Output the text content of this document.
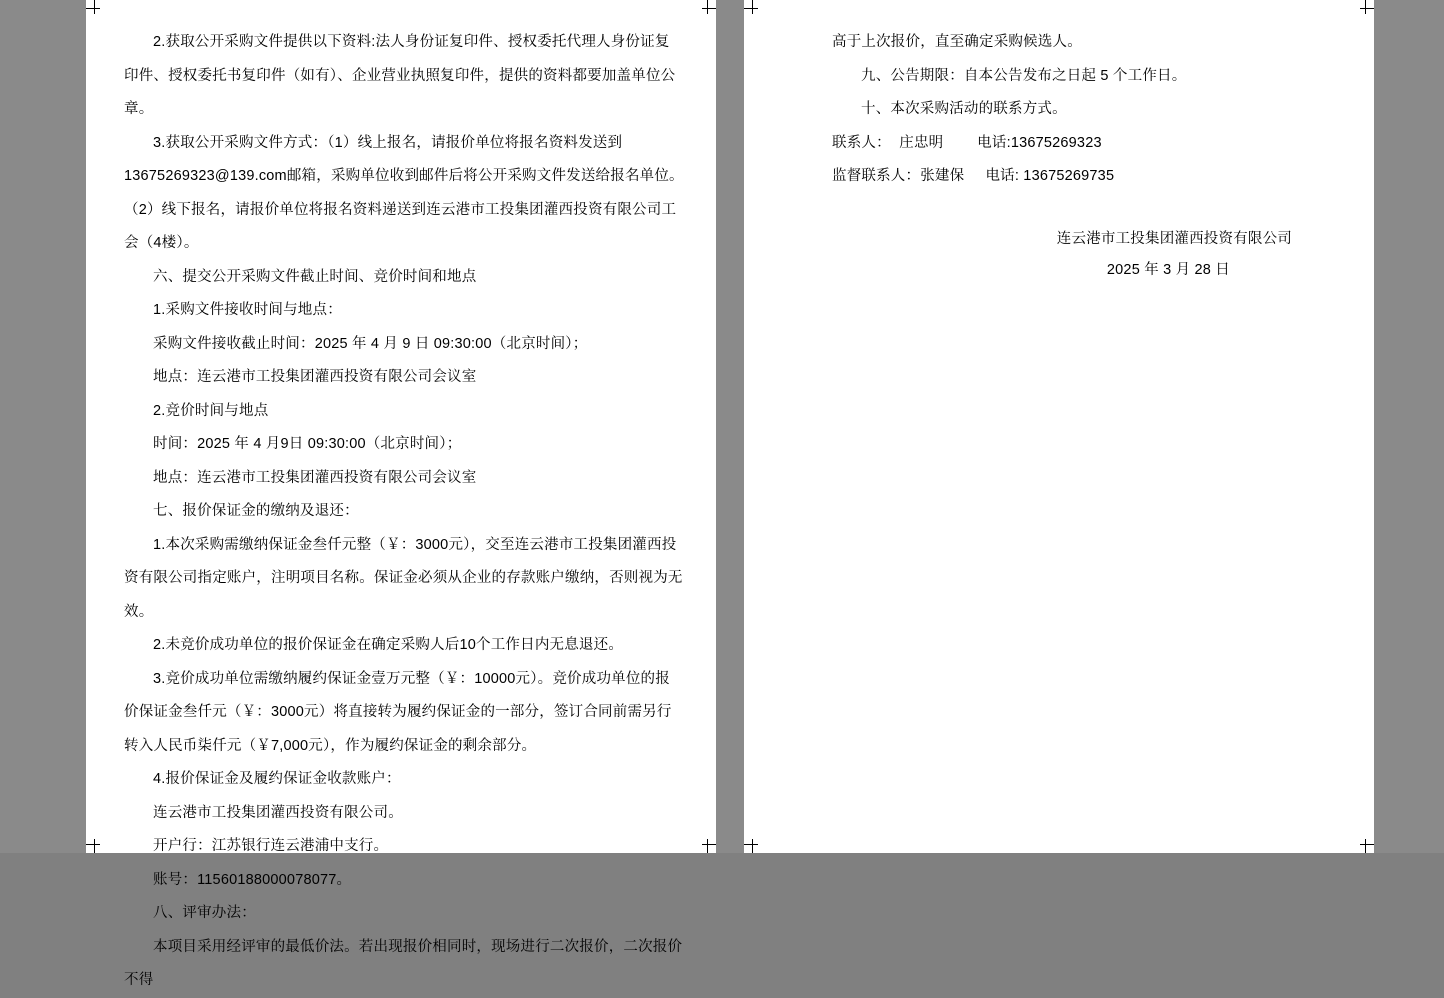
2.获取公开采购文件提供以下资料:法人身份证复印件、授权委托代理人身份证复印件、授权委托书复印件（如有）、企业营业执照复印件，提供的资料都要加盖单位公章。

3.获取公开采购文件方式：（1）线上报名，请报价单位将报名资料发送到13675269323@139.com邮箱，采购单位收到邮件后将公开采购文件发送给报名单位。（2）线下报名，请报价单位将报名资料递送到连云港市工投集团灌西投资有限公司工会（4楼）。

六、提交公开采购文件截止时间、竞价时间和地点

1.采购文件接收时间与地点：

采购文件接收截止时间：2025 年 4 月 9 日 09:30:00（北京时间）；

地点：连云港市工投集团灌西投资有限公司会议室

2.竞价时间与地点

时间：2025 年 4 月9日 09:30:00（北京时间）；

地点：连云港市工投集团灌西投资有限公司会议室

七、报价保证金的缴纳及退还：

1.本次采购需缴纳保证金叁仟元整（￥：3000元），交至连云港市工投集团灌西投资有限公司指定账户，注明项目名称。保证金必须从企业的存款账户缴纳，否则视为无效。

2.未竞价成功单位的报价保证金在确定采购人后10个工作日内无息退还。

3.竞价成功单位需缴纳履约保证金壹万元整（￥：10000元）。竞价成功单位的报价保证金叁仟元（￥：3000元）将直接转为履约保证金的一部分，签订合同前需另行转入人民币柒仟元（￥7,000元），作为履约保证金的剩余部分。

4.报价保证金及履约保证金收款账户：

连云港市工投集团灌西投资有限公司。

开户行：江苏银行连云港浦中支行。

账号：11560188000078077。

八、评审办法：

本项目采用经评审的最低价法。若出现报价相同时，现场进行二次报价，二次报价不得

高于上次报价，直至确定采购候选人。

九、公告期限：自本公告发布之日起 5 个工作日。

十、本次采购活动的联系方式。

联系人：  庄忠明        电话:13675269323

监督联系人：张建保     电话: 13675269735

连云港市工投集团灌西投资有限公司

2025 年 3 月 28 日
